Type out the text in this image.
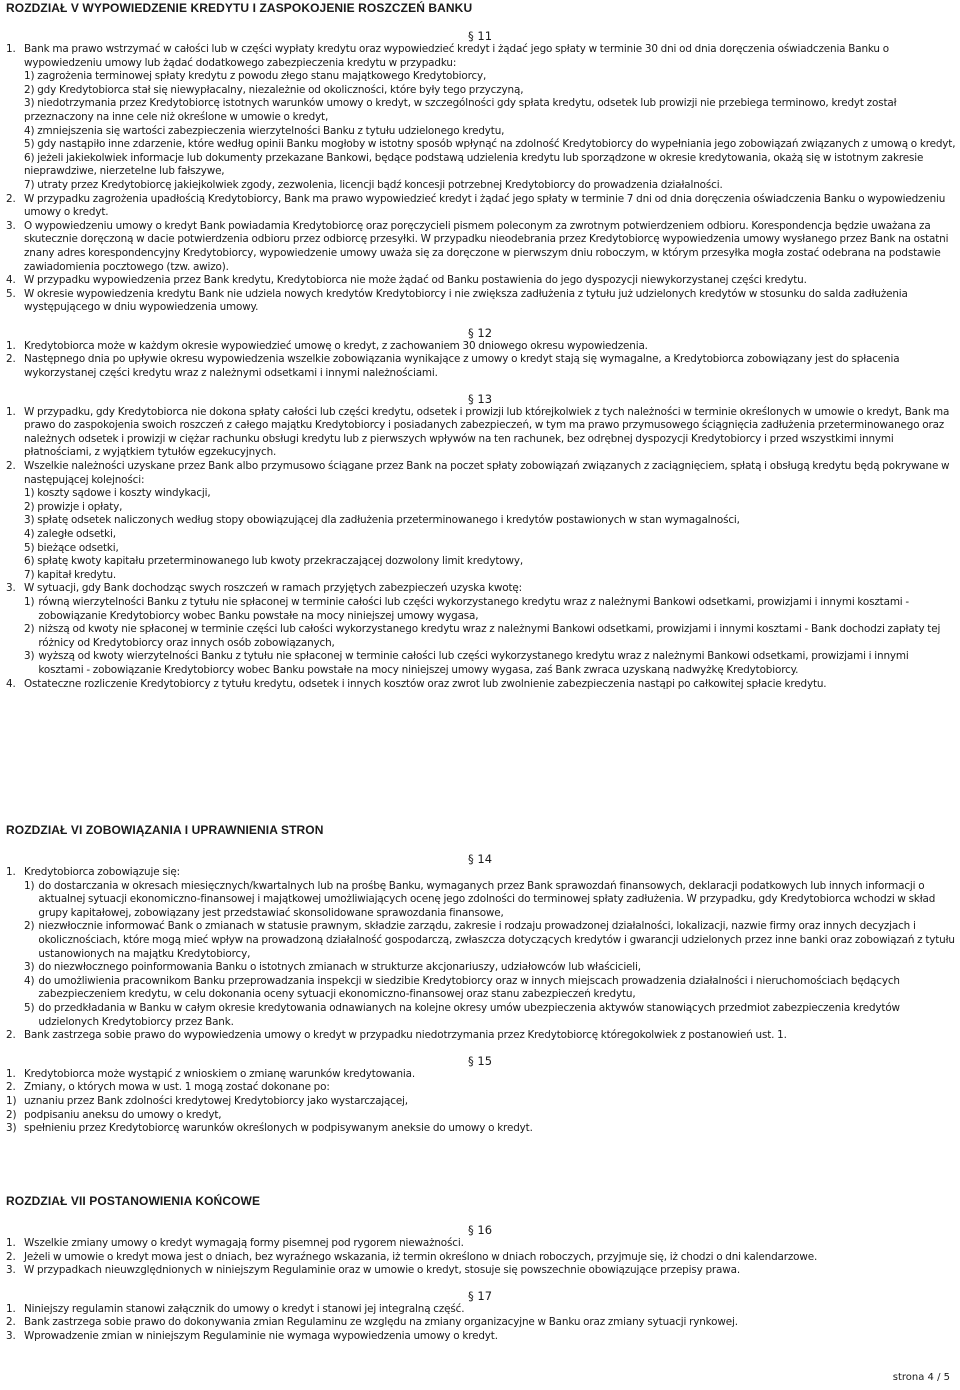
ROZDZIAŁ V WYPOWIEDZENIE KREDYTU I ZASPOKOJENIE ROSZCZEŃ BANKU
§ 11
1. Bank ma prawo wstrzymać w całości lub w części wypłaty kredytu oraz wypowiedzieć kredyt i żądać jego spłaty w terminie 30 dni od dnia doręczenia oświadczenia Banku o wypowiedzeniu umowy lub żądać dodatkowego zabezpieczenia kredytu w przypadku:
1) zagrożenia terminowej spłaty kredytu z powodu złego stanu majątkowego Kredytobiorcy,
2) gdy Kredytobiorca stał się niewypłacalny, niezależnie od okoliczności, które były tego przyczyną,
3) niedotrzymania przez Kredytobiorcę istotnych warunków umowy o kredyt, w szczególności gdy spłata kredytu, odsetek lub prowizji nie przebiega terminowo, kredyt został przeznaczony na inne cele niż określone w umowie o kredyt,
4) zmniejszenia się wartości zabezpieczenia wierzytelności Banku z tytułu udzielonego kredytu,
5) gdy nastąpiło inne zdarzenie, które według opinii Banku mogłoby w istotny sposób wpłynąć na zdolność Kredytobiorcy do wypełniania jego zobowiązań związanych z umową o kredyt,
6) jeżeli jakiekolwiek informacje lub dokumenty przekazane Bankowi, będące podstawą udzielenia kredytu lub sporządzone w okresie kredytowania, okażą się w istotnym zakresie nieprawdziwe, nierzetelne lub fałszywe,
7) utraty przez Kredytobiorcę jakiejkolwiek zgody, zezwolenia, licencji bądź koncesji potrzebnej Kredytobiorcy do prowadzenia działalności.
2. W przypadku zagrożenia upadłością Kredytobiorcy, Bank ma prawo wypowiedzieć kredyt i żądać jego spłaty w terminie 7 dni od dnia doręczenia oświadczenia Banku o wypowiedzeniu umowy o kredyt.
3. O wypowiedzeniu umowy o kredyt Bank powiadamia Kredytobiorcę oraz poręczycieli pismem poleconym za zwrotnym potwierdzeniem odbioru. Korespondencja będzie uważana za skutecznie doręczoną w dacie potwierdzenia odbioru przez odbiorcę przesyłki. W przypadku nieodebrania przez Kredytobiorcę wypowiedzenia umowy wysłanego przez Bank na ostatni znany adres korespondencyjny Kredytobiorcy, wypowiedzenie umowy uważa się za doręczone w pierwszym dniu roboczym, w którym przesyłka mogła zostać odebrana na podstawie zawiadomienia pocztowego (tzw. awizo).
4. W przypadku wypowiedzenia przez Bank kredytu, Kredytobiorca nie może żądać od Banku postawienia do jego dyspozycji niewykorzystanej części kredytu.
5. W okresie wypowiedzenia kredytu Bank nie udziela nowych kredytów Kredytobiorcy i nie zwiększa zadłużenia z tytułu już udzielonych kredytów w stosunku do salda zadłużenia występującego w dniu wypowiedzenia umowy.
§ 12
1. Kredytobiorca może w każdym okresie wypowiedzieć umowę o kredyt, z zachowaniem 30 dniowego okresu wypowiedzenia.
2. Następnego dnia po upływie okresu wypowiedzenia wszelkie zobowiązania wynikające z umowy o kredyt stają się wymagalne, a Kredytobiorca zobowiązany jest do spłacenia wykorzystanej części kredytu wraz z należnymi odsetkami i innymi należnościami.
§ 13
1. W przypadku, gdy Kredytobiorca nie dokona spłaty całości lub części kredytu, odsetek i prowizji lub którejkolwiek z tych należności w terminie określonych w umowie o kredyt, Bank ma prawo do zaspokojenia swoich roszczeń z całego majątku Kredytobiorcy i posiadanych zabezpieczeń, w tym ma prawo przymusowego ściągnięcia zadłużenia przeterminowanego oraz należnych odsetek i prowizji w ciężar rachunku obsługi kredytu lub z pierwszych wpływów na ten rachunek, bez odrębnej dyspozycji Kredytobiorcy i przed wszystkimi innymi płatnościami, z wyjątkiem tytułów egzekucyjnych.
2. Wszelkie należności uzyskane przez Bank albo przymusowo ściągane przez Bank na poczet spłaty zobowiązań związanych z zaciągnięciem, spłatą i obsługą kredytu będą pokrywane w następującej kolejności:
1) koszty sądowe i koszty windykacji,
2) prowizje i opłaty,
3) spłatę odsetek naliczonych według stopy obowiązującej dla zadłużenia przeterminowanego i kredytów postawionych w stan wymagalności,
4) zaległe odsetki,
5) bieżące odsetki,
6) spłatę kwoty kapitału przeterminowanego lub kwoty przekraczającej dozwolony limit kredytowy,
7) kapitał kredytu.
3. W sytuacji, gdy Bank dochodząc swych roszczeń w ramach przyjętych zabezpieczeń uzyska kwotę:
1) równą wierzytelności Banku z tytułu nie spłaconej w terminie całości lub części wykorzystanego kredytu wraz z należnymi Bankowi odsetkami, prowizjami i innymi kosztami - zobowiązanie Kredytobiorcy wobec Banku powstałe na mocy niniejszej umowy wygasa,
2) niższą od kwoty nie spłaconej w terminie części lub całości wykorzystanego kredytu wraz z należnymi Bankowi odsetkami, prowizjami i innymi kosztami - Bank dochodzi zapłaty tej różnicy od Kredytobiorcy oraz innych osób zobowiązanych,
3) wyższą od kwoty wierzytelności Banku z tytułu nie spłaconej w terminie całości lub części wykorzystanego kredytu wraz z należnymi Bankowi odsetkami, prowizjami i innymi kosztami - zobowiązanie Kredytobiorcy wobec Banku powstałe na mocy niniejszej umowy wygasa, zaś Bank zwraca uzyskaną nadwyżkę Kredytobiorcy.
4. Ostateczne rozliczenie Kredytobiorcy z tytułu kredytu, odsetek i innych kosztów oraz zwrot lub zwolnienie zabezpieczenia nastąpi po całkowitej spłacie kredytu.
ROZDZIAŁ VI ZOBOWIĄZANIA I UPRAWNIENIA STRON
§ 14
1. Kredytobiorca zobowiązuje się:
1) do dostarczania w okresach miesięcznych/kwartalnych lub na prośbę Banku, wymaganych przez Bank sprawozdań finansowych, deklaracji podatkowych lub innych informacji o aktualnej sytuacji ekonomiczno-finansowej i majątkowej umożliwiających ocenę jego zdolności do terminowej spłaty zadłużenia. W przypadku, gdy Kredytobiorca wchodzi w skład grupy kapitałowej, zobowiązany jest przedstawiać skonsolidowane sprawozdania finansowe,
2) niezwłocznie informować Bank o zmianach w statusie prawnym, składzie zarządu, zakresie i rodzaju prowadzonej działalności, lokalizacji, nazwie firmy oraz innych decyzjach i okolicznościach, które mogą mieć wpływ na prowadzoną działalność gospodarczą, zwłaszcza dotyczących kredytów i gwarancji udzielonych przez inne banki oraz zobowiązań z tytułu ustanowionych na majątku Kredytobiorcy,
3) do niezwłocznego poinformowania Banku o istotnych zmianach w strukturze akcjonariuszy, udziałowców lub właścicieli,
4) do umożliwienia pracownikom Banku przeprowadzania inspekcji w siedzibie Kredytobiorcy oraz w innych miejscach prowadzenia działalności i nieruchomościach będących zabezpieczeniem kredytu, w celu dokonania oceny sytuacji ekonomiczno-finansowej oraz stanu zabezpieczeń kredytu,
5) do przedkładania w Banku w całym okresie kredytowania odnawianych na kolejne okresy umów ubezpieczenia aktywów stanowiących przedmiot zabezpieczenia kredytów udzielonych Kredytobiorcy przez Bank.
2. Bank zastrzega sobie prawo do wypowiedzenia umowy o kredyt w przypadku niedotrzymania przez Kredytobiorcę któregokolwiek z postanowień ust. 1.
§ 15
1. Kredytobiorca może wystąpić z wnioskiem o zmianę warunków kredytowania.
2. Zmiany, o których mowa w ust. 1 mogą zostać dokonane po:
1) uznaniu przez Bank zdolności kredytowej Kredytobiorcy jako wystarczającej,
2) podpisaniu aneksu do umowy o kredyt,
3) spełnieniu przez Kredytobiorcę warunków określonych w podpisywanym aneksie do umowy o kredyt.
ROZDZIAŁ VII POSTANOWIENIA KOŃCOWE
§ 16
1. Wszelkie zmiany umowy o kredyt wymagają formy pisemnej pod rygorem nieważności.
2. Jeżeli w umowie o kredyt mowa jest o dniach, bez wyraźnego wskazania, iż termin określono w dniach roboczych, przyjmuje się, iż chodzi o dni kalendarzowe.
3. W przypadkach nieuwzględnionych w niniejszym Regulaminie oraz w umowie o kredyt, stosuje się powszechnie obowiązujące przepisy prawa.
§ 17
1. Niniejszy regulamin stanowi załącznik do umowy o kredyt i stanowi jej integralną część.
2. Bank zastrzega sobie prawo do dokonywania zmian Regulaminu ze względu na zmiany organizacyjne w Banku oraz zmiany sytuacji rynkowej.
3. Wprowadzenie zmian w niniejszym Regulaminie nie wymaga wypowiedzenia umowy o kredyt.
strona 4 / 5
